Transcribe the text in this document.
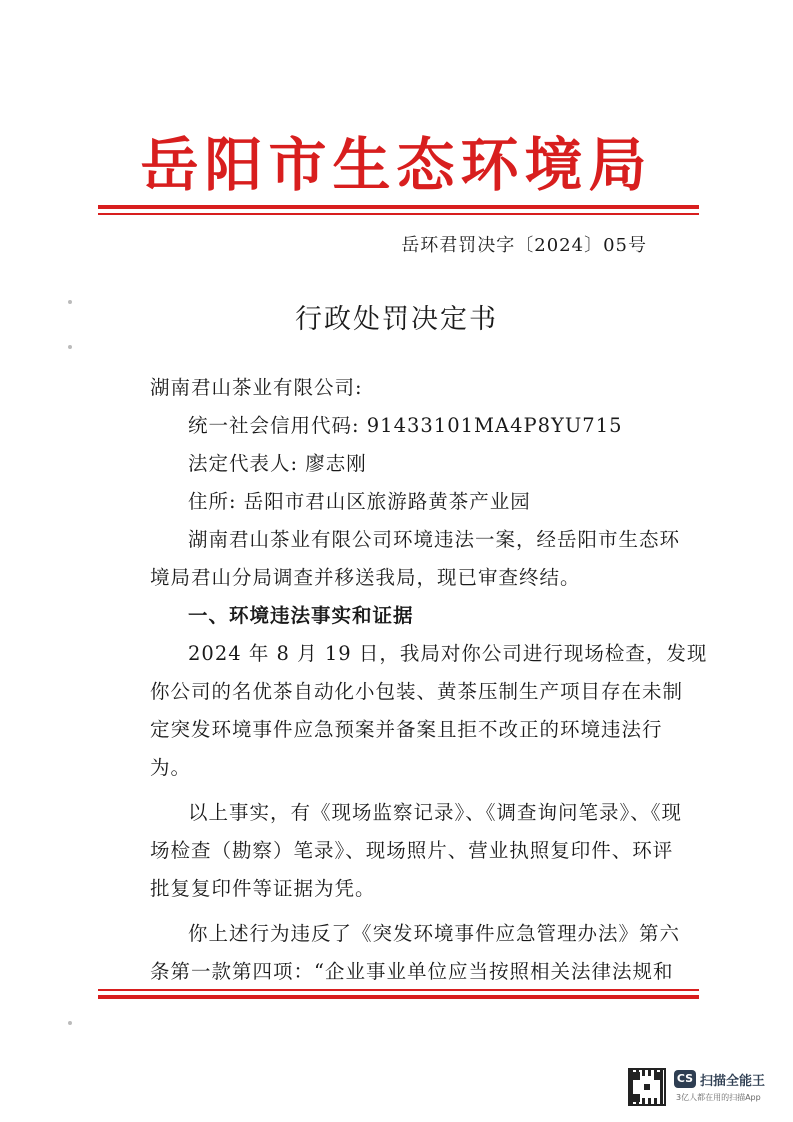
岳阳市生态环境局
岳环君罚决字〔2024〕05号
行政处罚决定书
湖南君山茶业有限公司:
统一社会信用代码: 91433101MA4P8YU715
法定代表人: 廖志刚
住所: 岳阳市君山区旅游路黄茶产业园
湖南君山茶业有限公司环境违法一案，经岳阳市生态环
境局君山分局调查并移送我局，现已审查终结。
一、环境违法事实和证据
2024 年 8 月 19 日，我局对你公司进行现场检查，发现
你公司的名优茶自动化小包装、黄茶压制生产项目存在未制
定突发环境事件应急预案并备案且拒不改正的环境违法行
为。
以上事实，有《现场监察记录》、《调查询问笔录》、《现
场检查（勘察）笔录》、现场照片、营业执照复印件、环评
批复复印件等证据为凭。
你上述行为违反了《突发环境事件应急管理办法》第六
条第一款第四项：“企业事业单位应当按照相关法律法规和
CS 扫描全能王
3亿人都在用的扫描App
